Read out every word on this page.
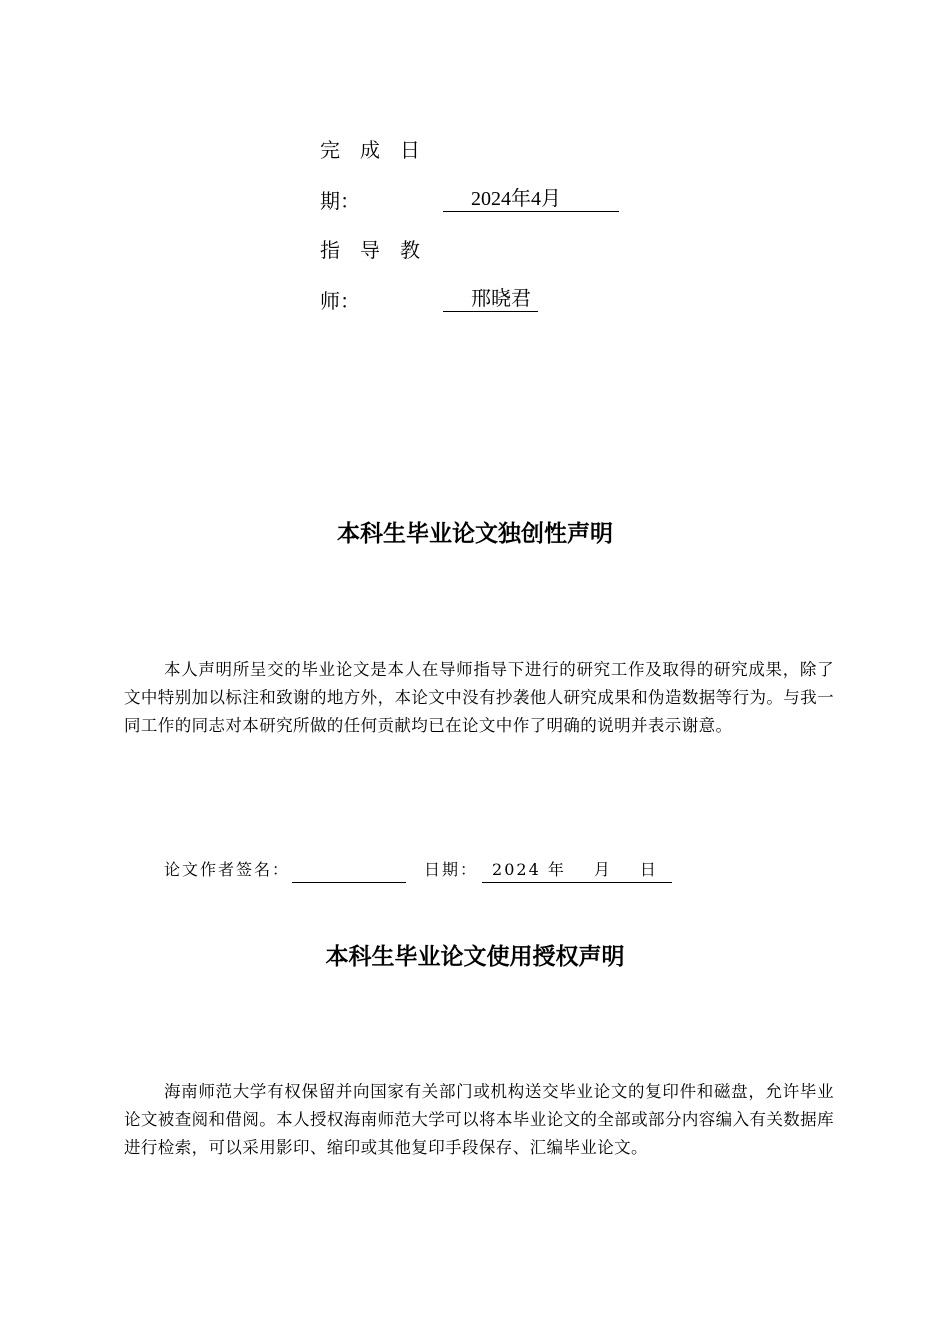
完成日
期：	2024年4月
指导教
师：	邢晓君
本科生毕业论文独创性声明
本人声明所呈交的毕业论文是本人在导师指导下进行的研究工作及取得的研究成果，除了文中特别加以标注和致谢的地方外，本论文中没有抄袭他人研究成果和伪造数据等行为。与我一同工作的同志对本研究所做的任何贡献均已在论文中作了明确的说明并表示谢意。
论文作者签名：	日期： 2024 年 月 日
本科生毕业论文使用授权声明
海南师范大学有权保留并向国家有关部门或机构送交毕业论文的复印件和磁盘，允许毕业论文被查阅和借阅。本人授权海南师范大学可以将本毕业论文的全部或部分内容编入有关数据库进行检索，可以采用影印、缩印或其他复印手段保存、汇编毕业论文。
